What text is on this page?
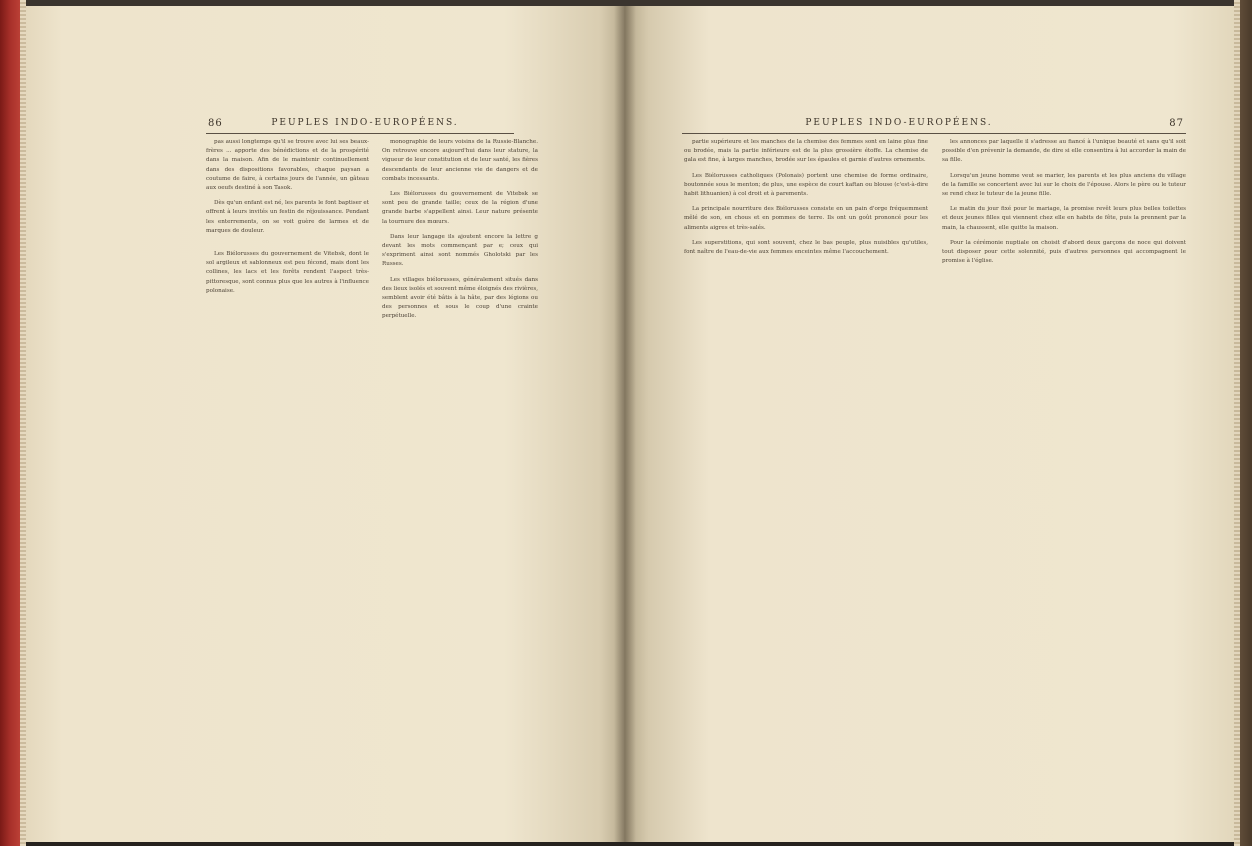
86	PEUPLES INDO-EUROPÉENS.

pas aussi longtemps qu'il se trouve avec lui ses beaux-frères ... apporte des bénédictions et de la prospérité dans la maison. Afin de le maintenir continuellement dans des dispositions favorables, chaque paysan a coutume de faire, à certains jours de l'année, un gâteau aux oeufs destiné à son Tasok.

Dès qu'un enfant est né, les parents le font baptiser et offrent à leurs invités un festin de réjouissance. Pendant les enterrements, on se voit guère de larmes et de marques de douleur.

Les Biélorusses du gouvernement de Vitebsk, dont le sol argileux et sablonneux est peu fécond, mais dont les collines, les lacs et les forêts rendent l'aspect très-pittoresque, sont connus plus que les autres à l'influence polonaise.

monographie de leurs voisins de la Russie-Blanche. On retrouve encore aujourd'hui dans leur stature, la vigueur de leur constitution et de leur santé, les fières descendants de leur ancienne vie de dangers et de combats incessants.

Les Biélorusses du gouvernement de Vitebsk se sont peu de grande taille; ceux de la région d'une grande barbe s'appellent ainsi. Leur nature présente la tournure des mœurs.

Dans leur langage ils ajoutent encore la lettre g devant les mots commençant par e; ceux qui s'expriment ainsi sont nommés Gholotski par les Russes.

Les villages biélorusses, généralement situés dans des lieux isolés et souvent même éloignés des rivières, semblent avoir été bâtis à la hâte, par des légions ou des personnes et sous le coup d'une crainte perpétuelle.

PEUPLES INDO-EUROPÉENS.	87

partie supérieure et les manches de la chemise des femmes sont en laine plus fine ou brodée, mais la partie inférieure est de la plus grossière étoffe. La chemise de gala est fine, à larges manches, brodée sur les épaules et garnie d'autres ornements.

Les Biélorusses catholiques (Polonais) portent une chemise de forme ordinaire, boutonnée sous le menton; de plus, une espèce de court kaftan ou blouse (c'est-à-dire habit lithuanien) à col droit et à parements.

La principale nourriture des Biélorusses consiste en un pain d'orge fréquemment mêlé de son, en chous et en pommes de terre. Ils ont un goût prononcé pour les aliments aigres et très-salés.

Les superstitions, qui sont souvent, chez le bas peuple, plus nuisibles qu'utiles, font naître de l'eau-de-vie aux femmes enceintes même l'accouchement.

les annonces par laquelle il s'adresse au fiancé à l'unique beauté et sans qu'il soit possible d'en prévenir la demande, de dire si elle consentira à lui accorder la main de sa fille.

Lorsqu'un jeune homme veut se marier, les parents et les plus anciens du village de la famille se concertent avec lui sur le choix de l'épouse. Alors le père ou le tuteur se rend chez le tuteur de la jeune fille.

Le matin du jour fixé pour le mariage, la promise revêt leurs plus belles toilettes et deux jeunes filles qui viennent chez elle en habits de fête, puis la prennent par la main, la chaussent, elle quitte la maison.

Pour la cérémonie nuptiale on choisit d'abord deux garçons de noce qui doivent tout disposer pour cette solennité, puis d'autres personnes qui accompagnent le promise à l'église.
